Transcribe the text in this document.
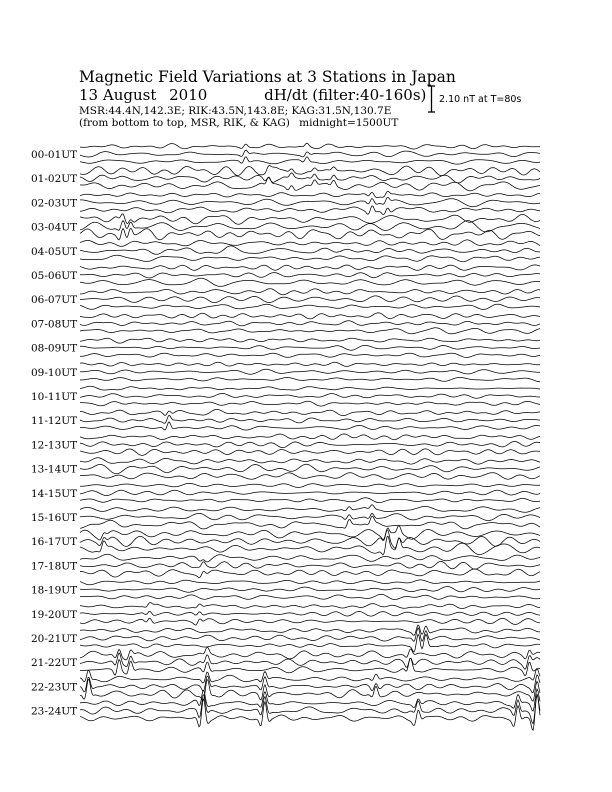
Magnetic Field Variations at 3 Stations in Japan
13 August 2010	dH/dt (filter:40-160s)
MSR:44.4N,142.3E; RIK:43.5N,143.8E; KAG:31.5N,130.7E
(from bottom to top, MSR, RIK, & KAG) midnight=1500UT
2.10 nT at T=80s
00-01UT
01-02UT
02-03UT
03-04UT
04-05UT
05-06UT
06-07UT
07-08UT
08-09UT
09-10UT
10-11UT
11-12UT
12-13UT
13-14UT
14-15UT
15-16UT
16-17UT
17-18UT
18-19UT
19-20UT
20-21UT
21-22UT
22-23UT
23-24UT
